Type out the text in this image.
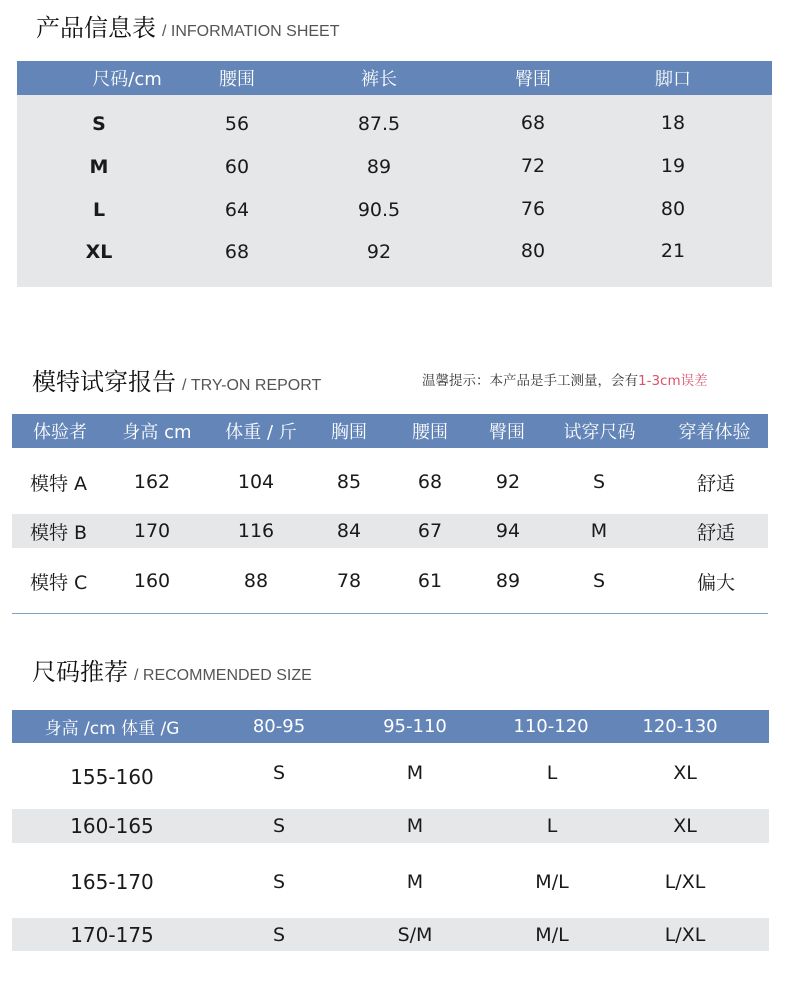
产品信息表 / INFORMATION SHEET
尺码/cm	腰围	裤长	臀围	脚口
S	56	87.5	68	18
M	60	89	72	19
L	64	90.5	76	80
XL	68	92	80	21
模特试穿报告 / TRY-ON REPORT	温馨提示：本产品是手工测量，会有1-3cm误差
体验者	身高 cm	体重 / 斤	胸围	腰围	臀围	试穿尺码	穿着体验
模特 A	162	104	85	68	92	S	舒适
模特 B	170	116	84	67	94	M	舒适
模特 C	160	88	78	61	89	S	偏大
尺码推荐 / RECOMMENDED SIZE
身高 /cm 体重 /G	80-95	95-110	110-120	120-130
155-160	S	M	L	XL
160-165	S	M	L	XL
165-170	S	M	M/L	L/XL
170-175	S	S/M	M/L	L/XL
